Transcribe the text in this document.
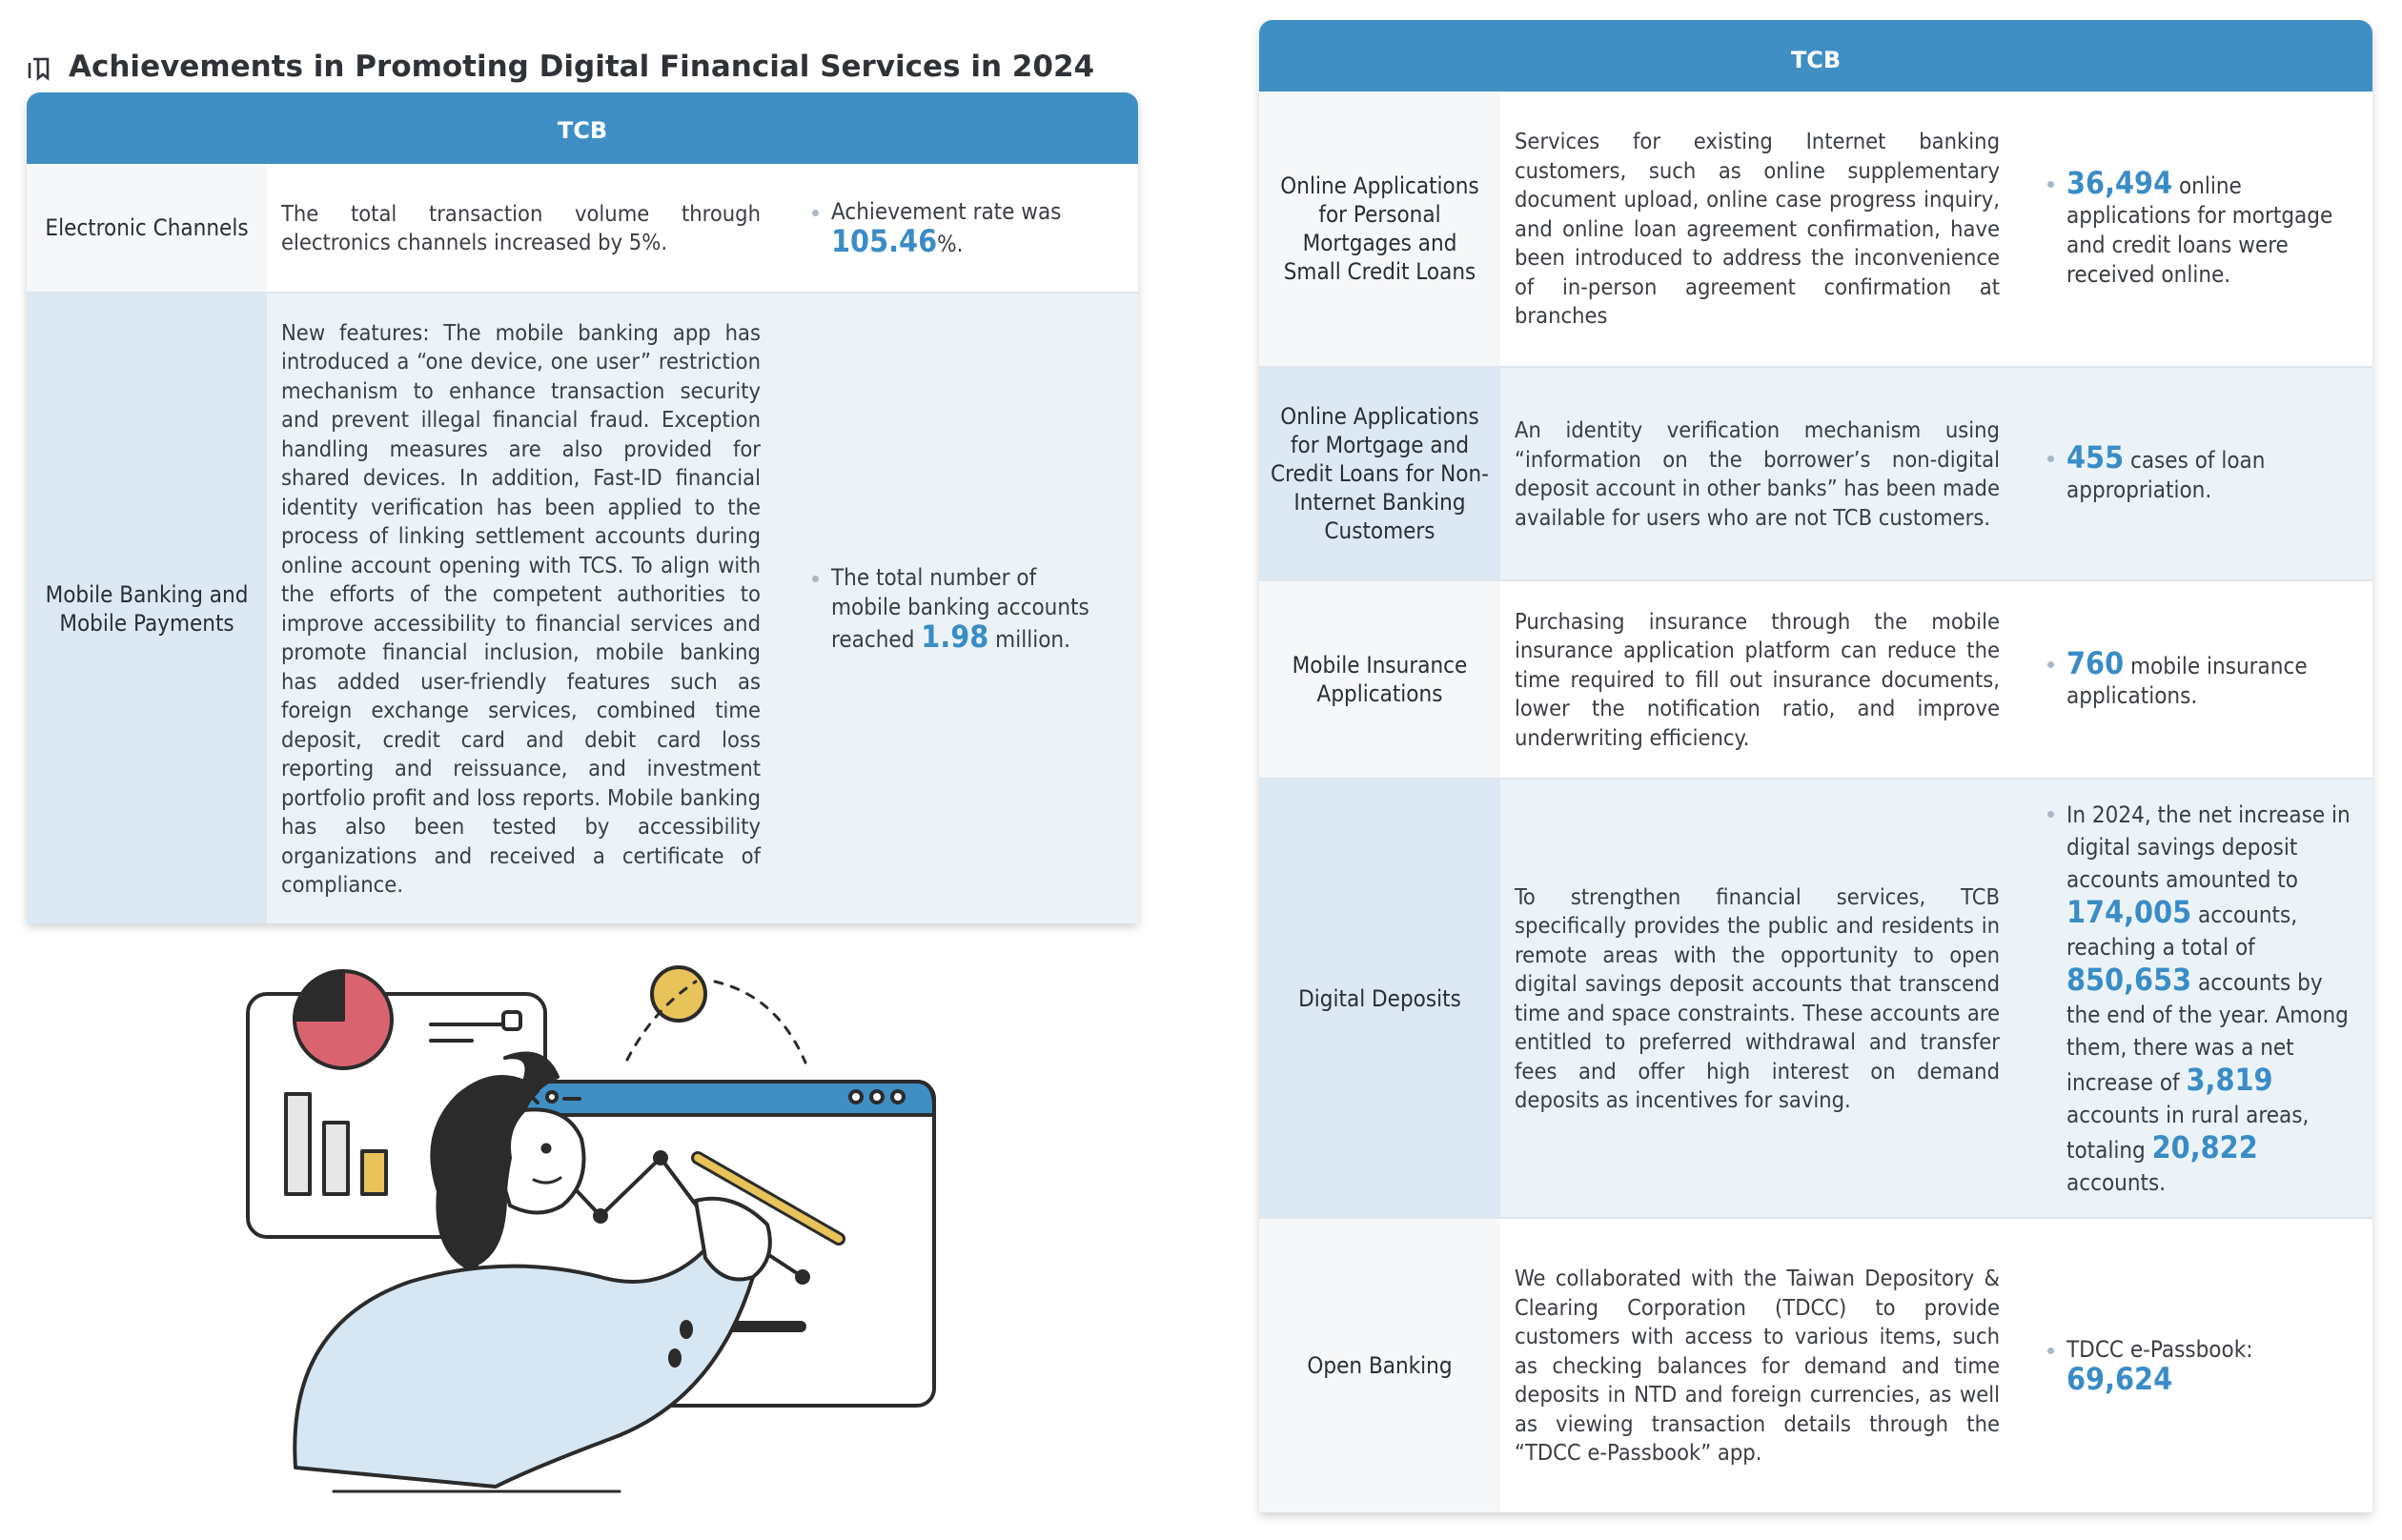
Achievements in Promoting Digital Financial Services in 2024
TCB
Electronic Channels
The total transaction volume through electronics channels increased by 5%.
Achievement rate was
105.46%.
Mobile Banking and Mobile Payments
New features: The mobile banking app has introduced a “one device, one user” restriction mechanism to enhance transaction security and prevent illegal financial fraud. Exception handling measures are also provided for shared devices. In addition, Fast-ID financial identity verification has been applied to the process of linking settlement accounts during online account opening with TCS. To align with the efforts of the competent authorities to improve accessibility to financial services and promote financial inclusion, mobile banking has added user-friendly features such as foreign exchange services, combined time deposit, credit card and debit card loss reporting and reissuance, and investment portfolio profit and loss reports. Mobile banking has also been tested by accessibility organizations and received a certificate of compliance.
The total number of mobile banking accounts reached 1.98 million.
TCB
Online Applications for Personal Mortgages and Small Credit Loans
Services for existing Internet banking customers, such as online supplementary document upload, online case progress inquiry, and online loan agreement confirmation, have been introduced to address the inconvenience of in-person agreement confirmation at branches
36,494 online applications for mortgage and credit loans were received online.
Online Applications for Mortgage and Credit Loans for Non-Internet Banking Customers
An identity verification mechanism using “information on the borrower’s non-digital deposit account in other banks” has been made available for users who are not TCB customers.
455 cases of loan appropriation.
Mobile Insurance Applications
Purchasing insurance through the mobile insurance application platform can reduce the time required to fill out insurance documents, lower the notification ratio, and improve underwriting efficiency.
760 mobile insurance applications.
Digital Deposits
To strengthen financial services, TCB specifically provides the public and residents in remote areas with the opportunity to open digital savings deposit accounts that transcend time and space constraints. These accounts are entitled to preferred withdrawal and transfer fees and offer high interest on demand deposits as incentives for saving.
In 2024, the net increase in digital savings deposit accounts amounted to 174,005 accounts, reaching a total of 850,653 accounts by the end of the year. Among them, there was a net increase of 3,819 accounts in rural areas, totaling 20,822 accounts.
Open Banking
We collaborated with the Taiwan Depository & Clearing Corporation (TDCC) to provide customers with access to various items, such as checking balances for demand and time deposits in NTD and foreign currencies, as well as viewing transaction details through the “TDCC e-Passbook” app.
TDCC e-Passbook: 69,624
